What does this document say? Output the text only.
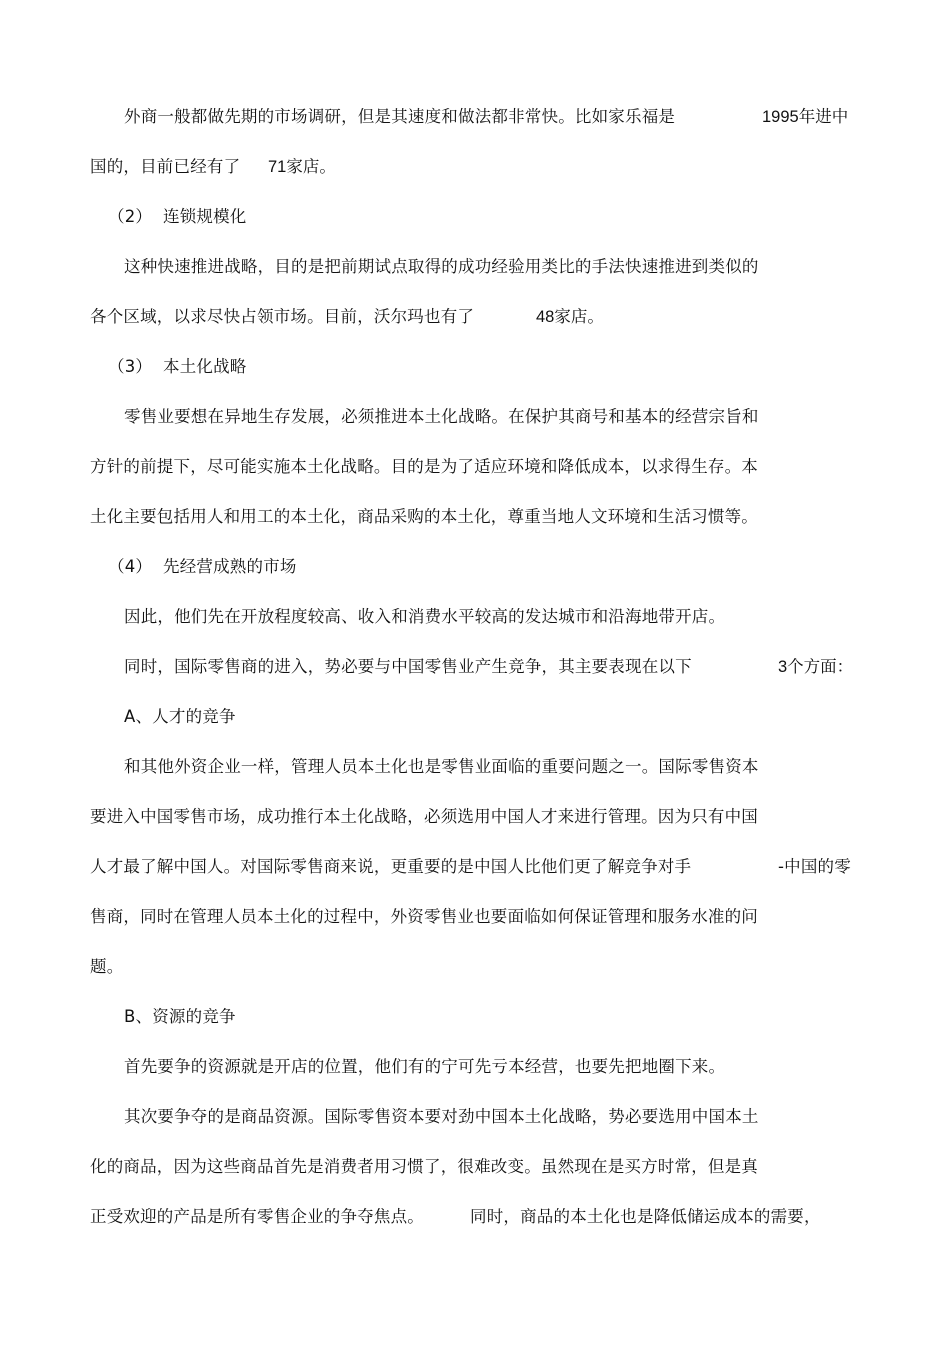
外商一般都做先期的市场调研，但是其速度和做法都非常快。比如家乐福是	1995年进中
国的，目前已经有了 71家店。
（2） 连锁规模化
这种快速推进战略，目的是把前期试点取得的成功经验用类比的手法快速推进到类似的
各个区域，以求尽快占领市场。目前，沃尔玛也有了	48家店。
（3） 本土化战略
零售业要想在异地生存发展，必须推进本土化战略。在保护其商号和基本的经营宗旨和
方针的前提下，尽可能实施本土化战略。目的是为了适应环境和降低成本，以求得生存。本
土化主要包括用人和用工的本土化，商品采购的本土化，尊重当地人文环境和生活习惯等。
（4） 先经营成熟的市场
因此，他们先在开放程度较高、收入和消费水平较高的发达城市和沿海地带开店。
同时，国际零售商的进入，势必要与中国零售业产生竞争，其主要表现在以下	3个方面：
A、人才的竞争
和其他外资企业一样，管理人员本土化也是零售业面临的重要问题之一。国际零售资本
要进入中国零售市场，成功推行本土化战略，必须选用中国人才来进行管理。因为只有中国
人才最了解中国人。对国际零售商来说，更重要的是中国人比他们更了解竞争对手	-中国的零
售商，同时在管理人员本土化的过程中，外资零售业也要面临如何保证管理和服务水准的问
题。
B、资源的竞争
首先要争的资源就是开店的位置，他们有的宁可先亏本经营，也要先把地圈下来。
其次要争夺的是商品资源。国际零售资本要对劲中国本土化战略，势必要选用中国本土
化的商品，因为这些商品首先是消费者用习惯了，很难改变。虽然现在是买方时常，但是真
正受欢迎的产品是所有零售企业的争夺焦点。	同时，商品的本土化也是降低储运成本的需要，
